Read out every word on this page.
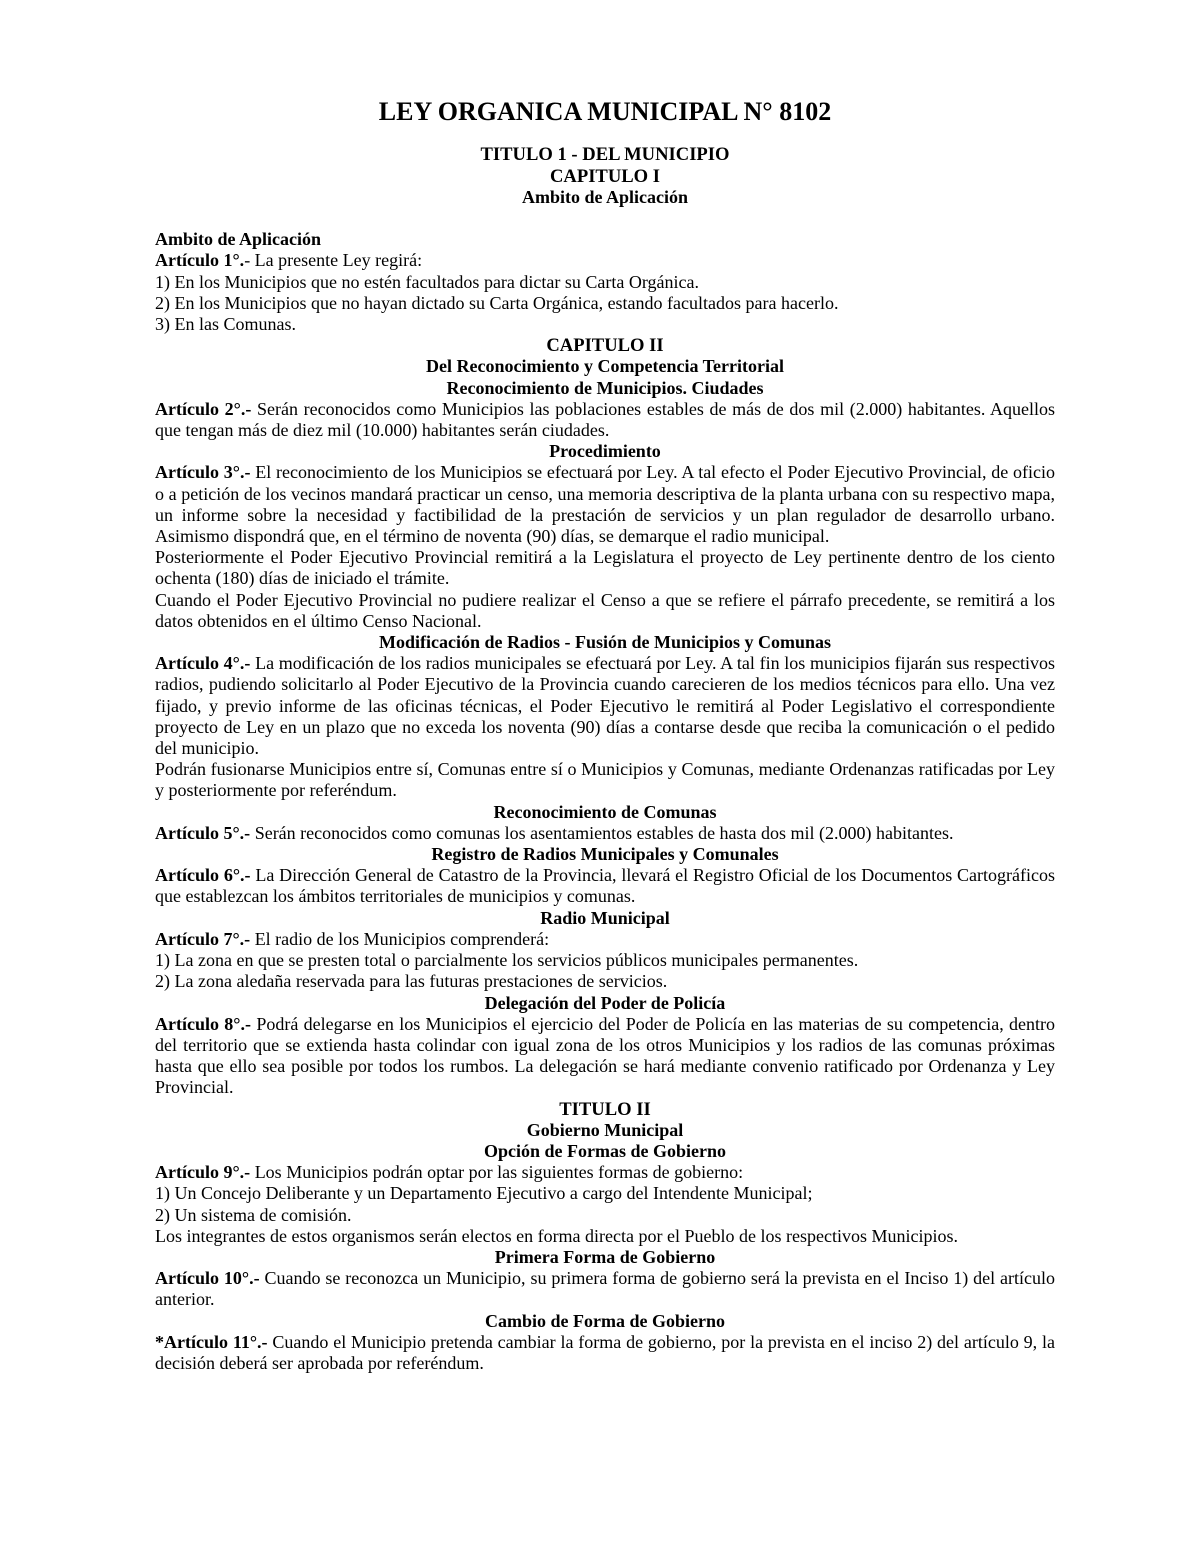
LEY ORGANICA MUNICIPAL N° 8102
TITULO 1 - DEL MUNICIPIO
CAPITULO I
Ambito de Aplicación
Ambito de Aplicación

Artículo 1°.- La presente Ley regirá:

1) En los Municipios que no estén facultados para dictar su Carta Orgánica.

2) En los Municipios que no hayan dictado su Carta Orgánica, estando facultados para hacerlo.

3) En las Comunas.

CAPITULO II
Del Reconocimiento y Competencia Territorial
Reconocimiento de Municipios. Ciudades

Artículo 2°.- Serán reconocidos como Municipios las poblaciones estables de más de dos mil (2.000) habitantes. Aquellos que tengan más de diez mil (10.000) habitantes serán ciudades.

Procedimiento

Artículo 3°.- El reconocimiento de los Municipios se efectuará por Ley. A tal efecto el Poder Ejecutivo Provincial, de oficio o a petición de los vecinos mandará practicar un censo, una memoria descriptiva de la planta urbana con su respectivo mapa, un informe sobre la necesidad y factibilidad de la prestación de servicios y un plan regulador de desarrollo urbano. Asimismo dispondrá que, en el término de noventa (90) días, se demarque el radio municipal.

Posteriormente el Poder Ejecutivo Provincial remitirá a la Legislatura el proyecto de Ley pertinente dentro de los ciento ochenta (180) días de iniciado el trámite.

Cuando el Poder Ejecutivo Provincial no pudiere realizar el Censo a que se refiere el párrafo precedente, se remitirá a los datos obtenidos en el último Censo Nacional.

Modificación de Radios - Fusión de Municipios y Comunas

Artículo 4°.- La modificación de los radios municipales se efectuará por Ley. A tal fin los municipios fijarán sus respectivos radios, pudiendo solicitarlo al Poder Ejecutivo de la Provincia cuando carecieren de los medios técnicos para ello. Una vez fijado, y previo informe de las oficinas técnicas, el Poder Ejecutivo le remitirá al Poder Legislativo el correspondiente proyecto de Ley en un plazo que no exceda los noventa (90) días a contarse desde que reciba la comunicación o el pedido del municipio.

Podrán fusionarse Municipios entre sí, Comunas entre sí o Municipios y Comunas, mediante Ordenanzas ratificadas por Ley y posteriormente por referéndum.

Reconocimiento de Comunas

Artículo 5°.- Serán reconocidos como comunas los asentamientos estables de hasta dos mil (2.000) habitantes.

Registro de Radios Municipales y Comunales

Artículo 6°.- La Dirección General de Catastro de la Provincia, llevará el Registro Oficial de los Documentos Cartográficos que establezcan los ámbitos territoriales de municipios y comunas.

Radio Municipal

Artículo 7°.- El radio de los Municipios comprenderá:

1) La zona en que se presten total o parcialmente los servicios públicos municipales permanentes.

2) La zona aledaña reservada para las futuras prestaciones de servicios.

Delegación del Poder de Policía

Artículo 8°.- Podrá delegarse en los Municipios el ejercicio del Poder de Policía en las materias de su competencia, dentro del territorio que se extienda hasta colindar con igual zona de los otros Municipios y los radios de las comunas próximas hasta que ello sea posible por todos los rumbos. La delegación se hará mediante convenio ratificado por Ordenanza y Ley Provincial.

TITULO II
Gobierno Municipal
Opción de Formas de Gobierno

Artículo 9°.- Los Municipios podrán optar por las siguientes formas de gobierno:

1) Un Concejo Deliberante y un Departamento Ejecutivo a cargo del Intendente Municipal;

2) Un sistema de comisión.

Los integrantes de estos organismos serán electos en forma directa por el Pueblo de los respectivos Municipios.

Primera Forma de Gobierno

Artículo 10°.- Cuando se reconozca un Municipio, su primera forma de gobierno será la prevista en el Inciso 1) del artículo anterior.

Cambio de Forma de Gobierno

*Artículo 11°.- Cuando el Municipio pretenda cambiar la forma de gobierno, por la prevista en el inciso 2) del artículo 9, la decisión deberá ser aprobada por referéndum.
